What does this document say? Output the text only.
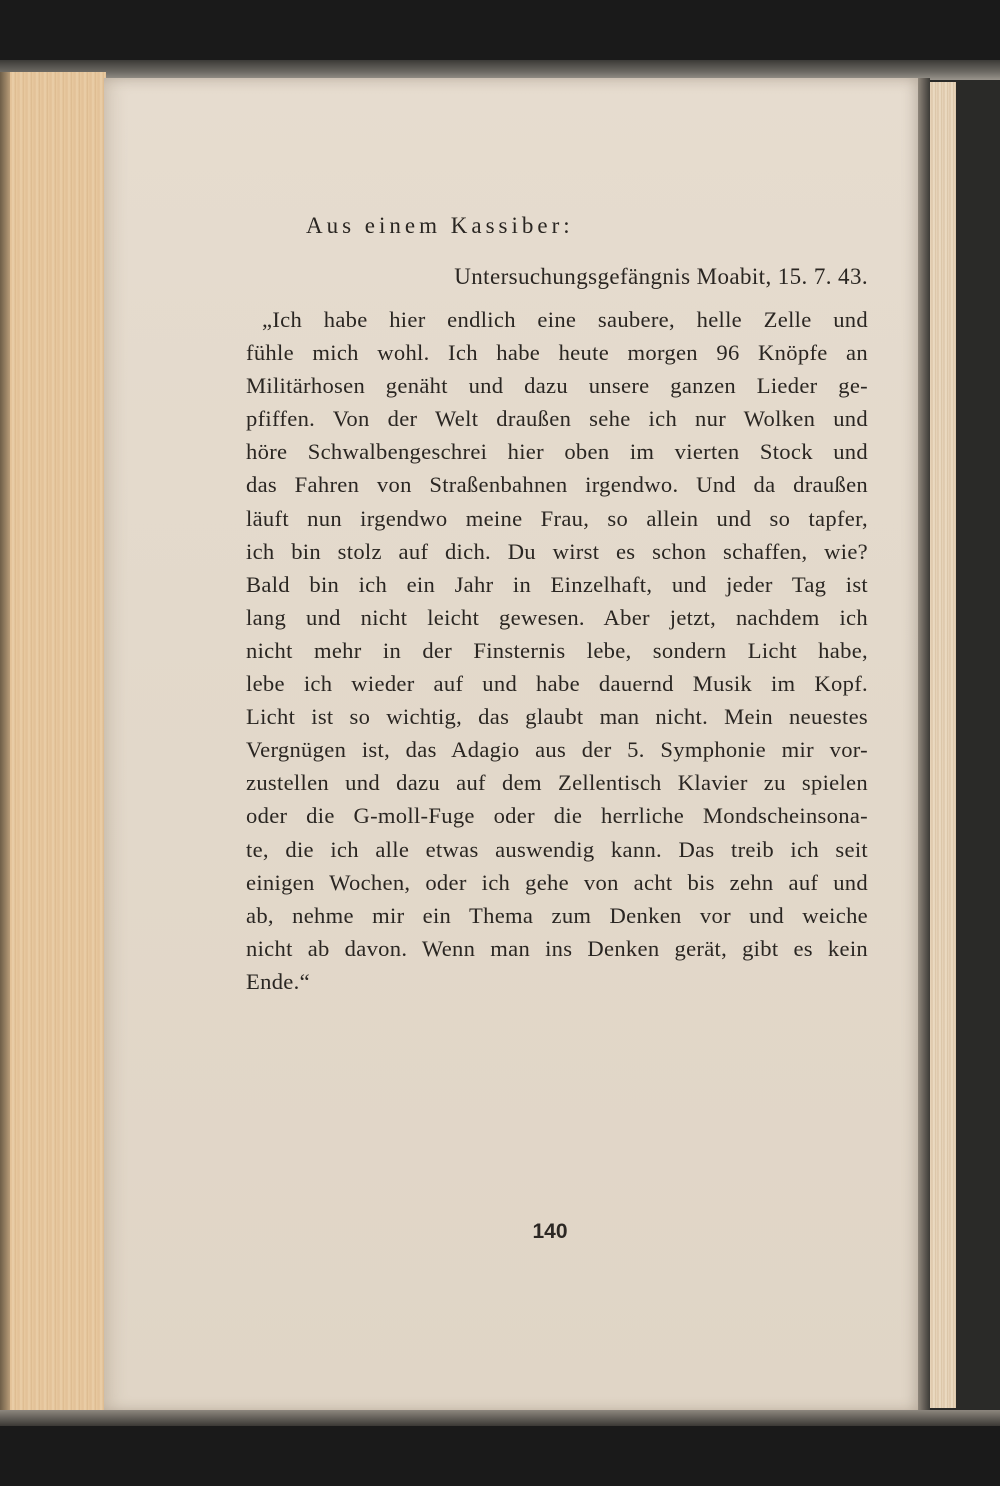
Aus einem Kassiber:
Untersuchungsgefängnis Moabit, 15. 7. 43.
„Ich habe hier endlich eine saubere, helle Zelle und
fühle mich wohl. Ich habe heute morgen 96 Knöpfe an
Militärhosen genäht und dazu unsere ganzen Lieder ge-
pfiffen. Von der Welt draußen sehe ich nur Wolken und
höre Schwalbengeschrei hier oben im vierten Stock und
das Fahren von Straßenbahnen irgendwo. Und da draußen
läuft nun irgendwo meine Frau, so allein und so tapfer,
ich bin stolz auf dich. Du wirst es schon schaffen, wie?
Bald bin ich ein Jahr in Einzelhaft, und jeder Tag ist
lang und nicht leicht gewesen. Aber jetzt, nachdem ich
nicht mehr in der Finsternis lebe, sondern Licht habe,
lebe ich wieder auf und habe dauernd Musik im Kopf.
Licht ist so wichtig, das glaubt man nicht. Mein neuestes
Vergnügen ist, das Adagio aus der 5. Symphonie mir vor-
zustellen und dazu auf dem Zellentisch Klavier zu spielen
oder die G-moll-Fuge oder die herrliche Mondscheinsona-
te, die ich alle etwas auswendig kann. Das treib ich seit
einigen Wochen, oder ich gehe von acht bis zehn auf und
ab, nehme mir ein Thema zum Denken vor und weiche
nicht ab davon. Wenn man ins Denken gerät, gibt es kein
Ende.“
140
